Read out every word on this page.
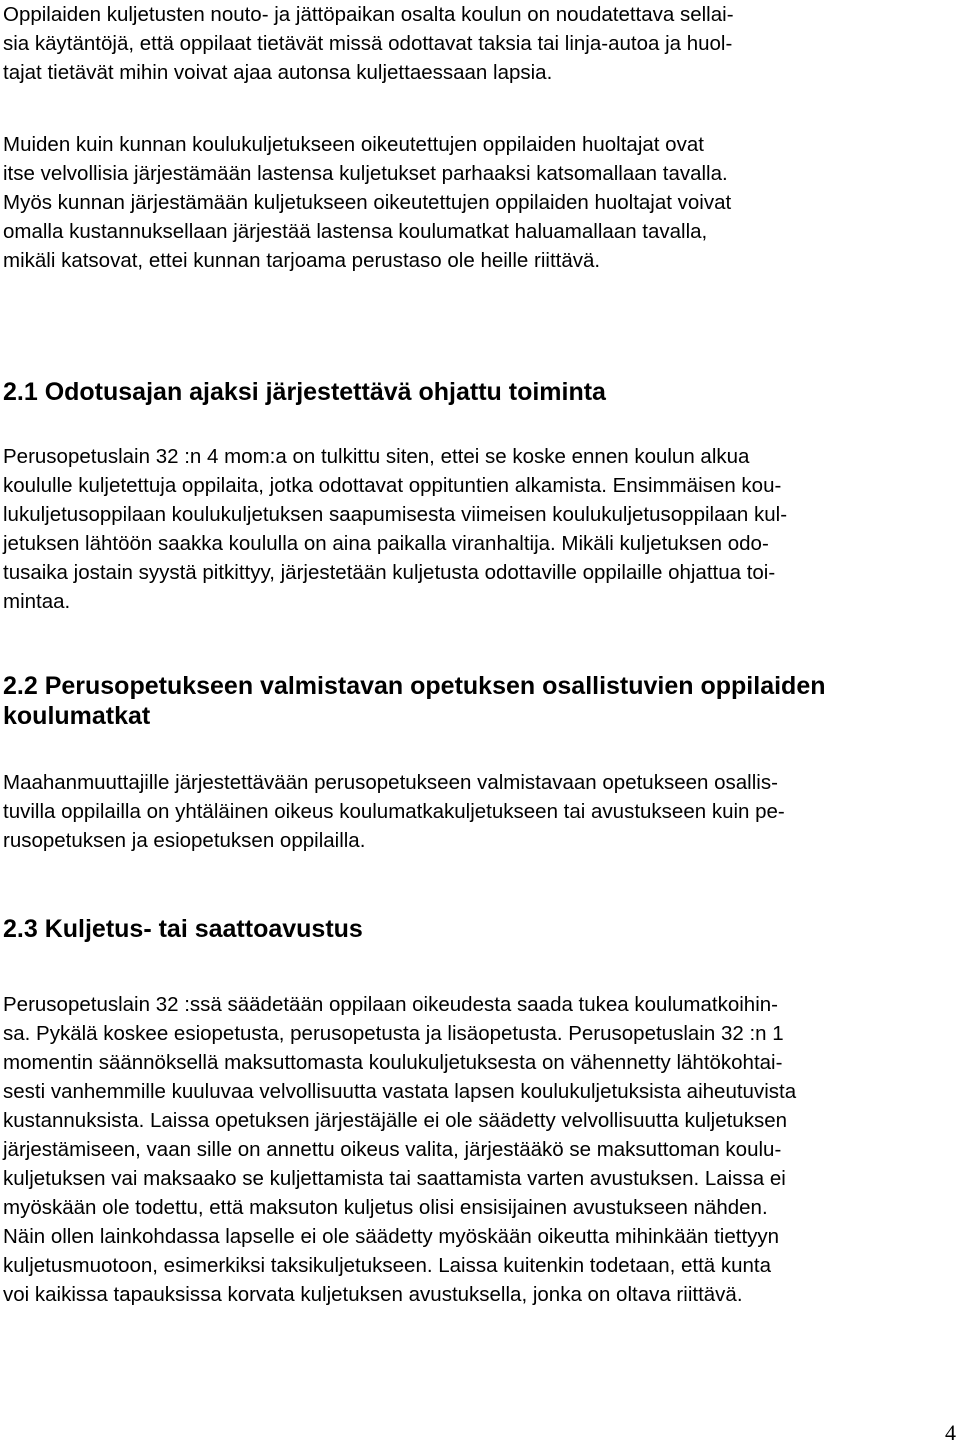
Oppilaiden kuljetusten nouto- ja jättöpaikan osalta koulun on noudatettava sellai-
sia käytäntöjä, että oppilaat tietävät missä odottavat taksia tai linja-autoa ja huol-
tajat tietävät mihin voivat ajaa autonsa kuljettaessaan lapsia.
Muiden kuin kunnan koulukuljetukseen oikeutettujen oppilaiden huoltajat ovat
itse velvollisia järjestämään lastensa kuljetukset parhaaksi katsomallaan tavalla.
Myös kunnan järjestämään kuljetukseen oikeutettujen oppilaiden huoltajat voivat
omalla kustannuksellaan järjestää lastensa koulumatkat haluamallaan tavalla,
mikäli katsovat, ettei kunnan tarjoama perustaso ole heille riittävä.
2.1 Odotusajan ajaksi järjestettävä ohjattu toiminta
Perusopetuslain 32 :n 4 mom:a on tulkittu siten, ettei se koske ennen koulun alkua
koululle kuljetettuja oppilaita, jotka odottavat oppituntien alkamista. Ensimmäisen kou-
lukuljetusoppilaan koulukuljetuksen saapumisesta viimeisen koulukuljetusoppilaan kul-
jetuksen lähtöön saakka koululla on aina paikalla viranhaltija. Mikäli kuljetuksen odo-
tusaika jostain syystä pitkittyy, järjestetään kuljetusta odottaville oppilaille ohjattua toi-
mintaa.
2.2 Perusopetukseen valmistavan opetuksen osallistuvien oppilaiden
koulumatkat
Maahanmuuttajille järjestettävään perusopetukseen valmistavaan opetukseen osallis-
tuvilla oppilailla on yhtäläinen oikeus koulumatkakuljetukseen tai avustukseen kuin pe-
rusopetuksen ja esiopetuksen oppilailla.
2.3 Kuljetus- tai saattoavustus
Perusopetuslain 32 :ssä säädetään oppilaan oikeudesta saada tukea koulumatkoihin-
sa. Pykälä koskee esiopetusta, perusopetusta ja lisäopetusta. Perusopetuslain 32 :n 1
momentin säännöksellä maksuttomasta koulukuljetuksesta on vähennetty lähtökohtai-
sesti vanhemmille kuuluvaa velvollisuutta vastata lapsen koulukuljetuksista aiheutuvista
kustannuksista. Laissa opetuksen järjestäjälle ei ole säädetty velvollisuutta kuljetuksen
järjestämiseen, vaan sille on annettu oikeus valita, järjestääkö se maksuttoman koulu-
kuljetuksen vai maksaako se kuljettamista tai saattamista varten avustuksen. Laissa ei
myöskään ole todettu, että maksuton kuljetus olisi ensisijainen avustukseen nähden.
Näin ollen lainkohdassa lapselle ei ole säädetty myöskään oikeutta mihinkään tiettyyn
kuljetusmuotoon, esimerkiksi taksikuljetukseen. Laissa kuitenkin todetaan, että kunta
voi kaikissa tapauksissa korvata kuljetuksen avustuksella, jonka on oltava riittävä.
4
